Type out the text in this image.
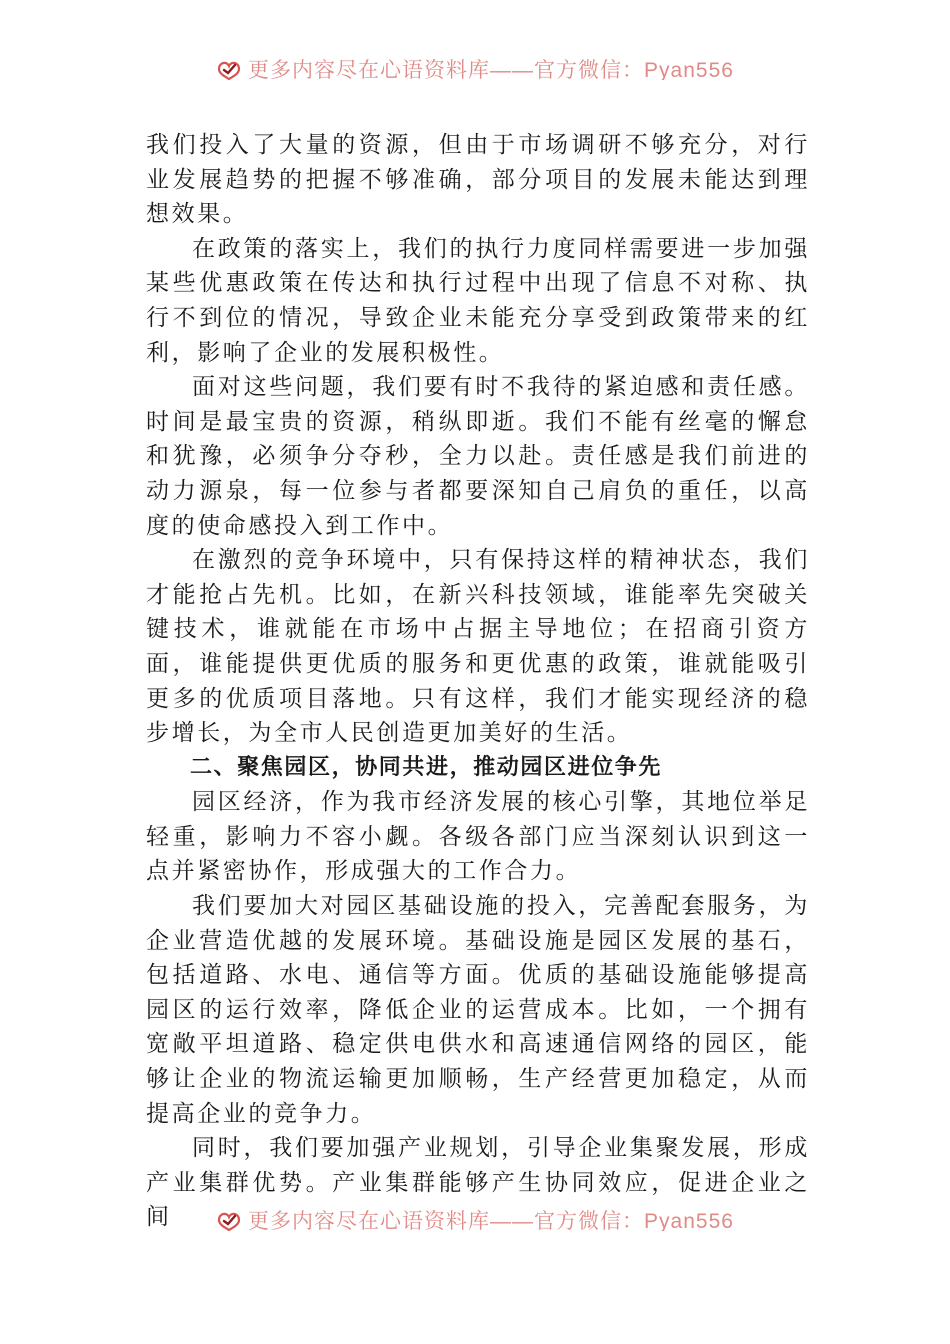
更多内容尽在心语资料库——官方微信：Pyan556

我们投入了大量的资源，但由于市场调研不够充分，对行业发展趋势的把握不够准确，部分项目的发展未能达到理想效果。

在政策的落实上，我们的执行力度同样需要进一步加强某些优惠政策在传达和执行过程中出现了信息不对称、执行不到位的情况，导致企业未能充分享受到政策带来的红利，影响了企业的发展积极性。

面对这些问题，我们要有时不我待的紧迫感和责任感。时间是最宝贵的资源，稍纵即逝。我们不能有丝毫的懈怠和犹豫，必须争分夺秒，全力以赴。责任感是我们前进的动力源泉，每一位参与者都要深知自己肩负的重任，以高度的使命感投入到工作中。

在激烈的竞争环境中，只有保持这样的精神状态，我们才能抢占先机。比如，在新兴科技领域，谁能率先突破关键技术，谁就能在市场中占据主导地位；在招商引资方面，谁能提供更优质的服务和更优惠的政策，谁就能吸引更多的优质项目落地。只有这样，我们才能实现经济的稳步增长，为全市人民创造更加美好的生活。

二、聚焦园区，协同共进，推动园区进位争先

园区经济，作为我市经济发展的核心引擎，其地位举足轻重，影响力不容小觑。各级各部门应当深刻认识到这一点并紧密协作，形成强大的工作合力。

我们要加大对园区基础设施的投入，完善配套服务，为企业营造优越的发展环境。基础设施是园区发展的基石，包括道路、水电、通信等方面。优质的基础设施能够提高园区的运行效率，降低企业的运营成本。比如，一个拥有宽敞平坦道路、稳定供电供水和高速通信网络的园区，能够让企业的物流运输更加顺畅，生产经营更加稳定，从而提高企业的竞争力。

同时，我们要加强产业规划，引导企业集聚发展，形成产业集群优势。产业集群能够产生协同效应，促进企业之间	更多内容尽在心语资料库——官方微信：Pyan556
